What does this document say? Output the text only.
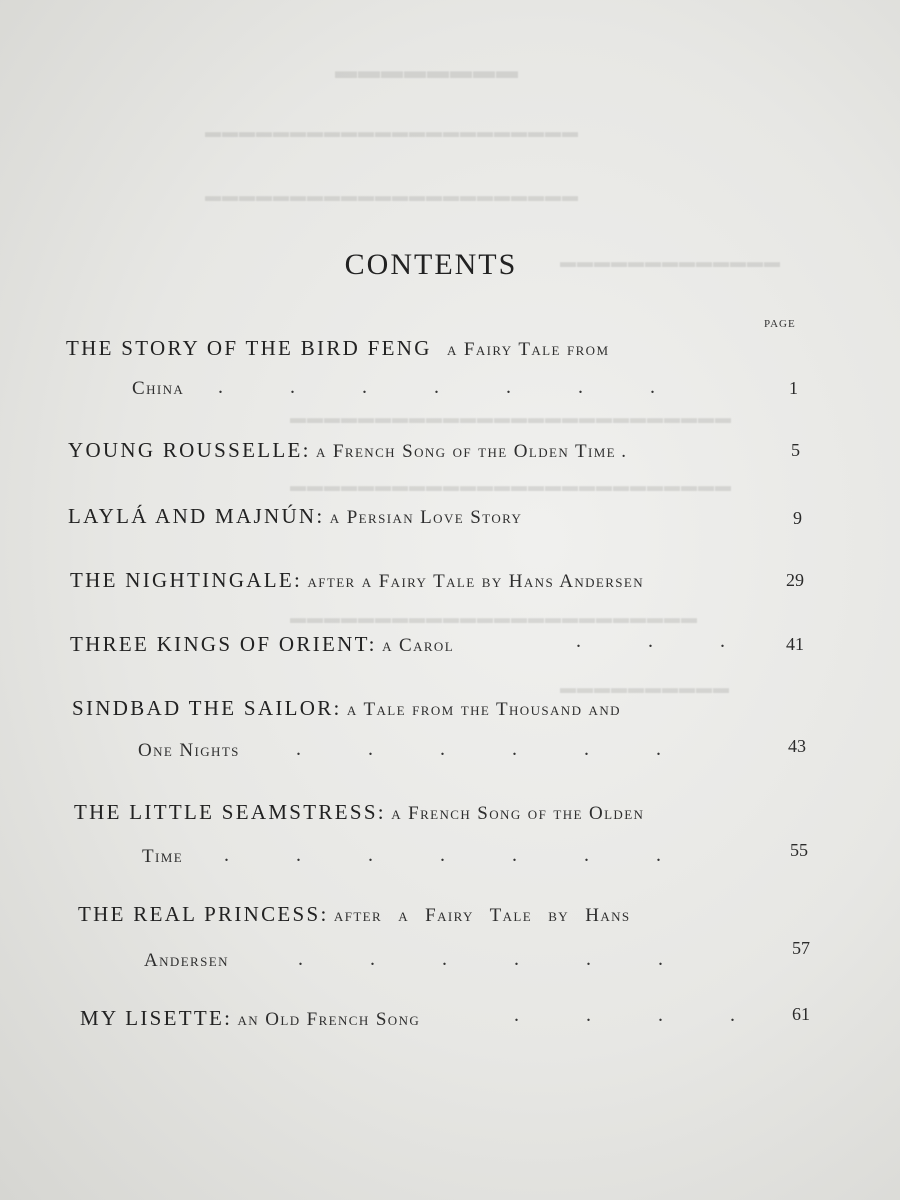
▬▬▬▬▬▬▬▬
▬▬▬▬▬▬▬▬▬▬▬▬▬▬▬▬▬▬▬▬▬▬
▬▬▬▬▬▬▬▬▬▬▬▬▬▬▬▬▬▬▬▬▬▬
▬▬▬▬▬▬▬▬▬▬▬▬▬
▬▬▬▬▬▬▬▬▬▬▬▬▬▬▬▬▬▬▬▬▬▬▬▬▬▬
▬▬▬▬▬▬▬▬▬▬▬▬▬▬▬▬▬▬▬▬▬▬▬▬▬▬
▬▬▬▬▬▬▬▬▬▬▬▬▬▬▬▬▬▬▬▬▬▬▬▬
▬▬▬▬▬▬▬▬▬▬
CONTENTS
PAGE
THE STORY OF THE BIRD FENG a Fairy Tale from
China .	.	.	.	.	.	.	1
YOUNG ROUSSELLE: a French Song of the Olden Time .	5
LAYLÁ AND MAJNÚN: a Persian Love Story	9
THE NIGHTINGALE: after a Fairy Tale by Hans Andersen	29
THREE KINGS OF ORIENT: a Carol	.	.	.	41
SINDBAD THE SAILOR: a Tale from the Thousand and
One Nights	.	.	.	.	.	.	43
THE LITTLE SEAMSTRESS: a French Song of the Olden
Time .	.	.	.	.	.	.	55
THE REAL PRINCESS: after a Fairy Tale by Hans
Andersen	.	.	.	.	.	.	57
MY LISETTE: an Old French Song	.	.	.	.	61
